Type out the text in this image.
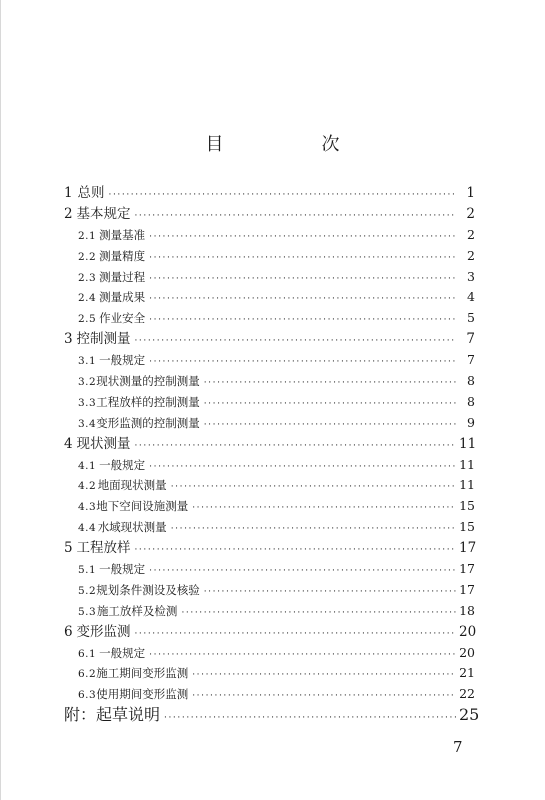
目　次
1 总则 ·····	1
2 基本规定 ·····	2
2.1 测量基准 ·····	2
2.2 测量精度 ·····	2
2.3 测量过程 ·····	3
2.4 测量成果 ·····	4
2.5 作业安全 ·····	5
3 控制测量 ·····	7
3.1 一般规定 ·····	7
3.2 现状测量的控制测量 ·····	8
3.3 工程放样的控制测量 ·····	8
3.4 变形监测的控制测量 ·····	9
4 现状测量 ·····	11
4.1 一般规定 ·····	11
4.2 地面现状测量 ·····	11
4.3 地下空间设施测量 ·····	15
4.4 水域现状测量 ·····	15
5 工程放样 ·····	17
5.1 一般规定 ·····	17
5.2 规划条件测设及核验 ·····	17
5.3 施工放样及检测 ·····	18
6 变形监测 ·····	20
6.1 一般规定 ·····	20
6.2 施工期间变形监测 ·····	21
6.3 使用期间变形监测 ·····	22
附：起草说明 ·····	25
7
